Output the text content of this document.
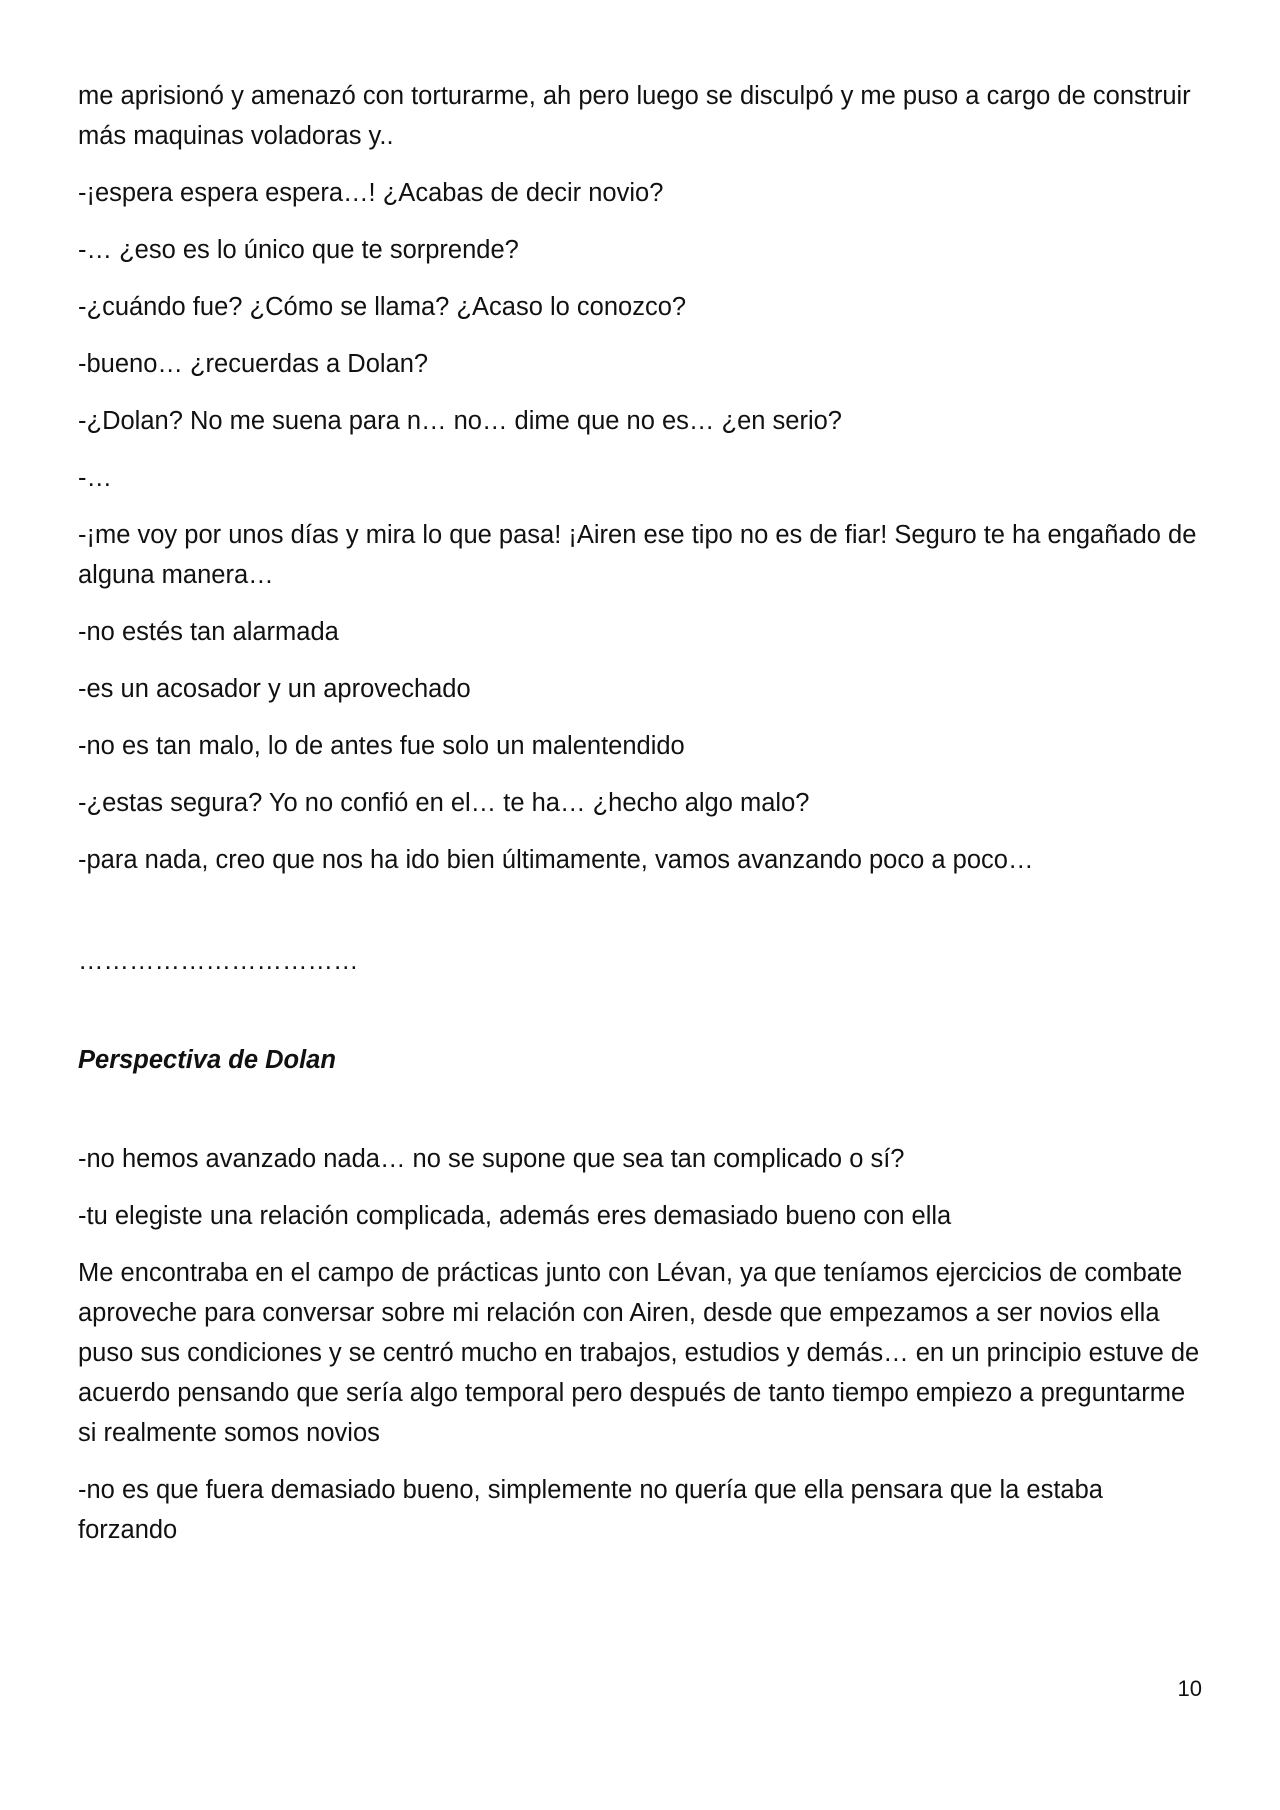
me aprisionó y amenazó con torturarme, ah pero luego se disculpó y me puso a cargo de construir más maquinas voladoras y..

-¡espera espera espera…! ¿Acabas de decir novio?

-… ¿eso es lo único que te sorprende?

-¿cuándo fue? ¿Cómo se llama? ¿Acaso lo conozco?

-bueno… ¿recuerdas a Dolan?

-¿Dolan? No me suena para n… no… dime que no es… ¿en serio?

-…

-¡me voy por unos días y mira lo que pasa! ¡Airen ese tipo no es de fiar! Seguro te ha engañado de alguna manera…

-no estés tan alarmada

-es un acosador y un aprovechado

-no es tan malo, lo de antes fue solo un malentendido

-¿estas segura? Yo no confió en el… te ha… ¿hecho algo malo?

-para nada, creo que nos ha ido bien últimamente, vamos avanzando poco a poco…

……………………………

Perspectiva de Dolan

-no hemos avanzado nada… no se supone que sea tan complicado o sí?

-tu elegiste una relación complicada, además eres demasiado bueno con ella

Me encontraba en el campo de prácticas junto con Lévan, ya que teníamos ejercicios de combate aproveche para conversar sobre mi relación con Airen, desde que empezamos a ser novios ella puso sus condiciones y se centró mucho en trabajos, estudios y demás… en un principio estuve de acuerdo pensando que sería algo temporal pero después de tanto tiempo empiezo a preguntarme si realmente somos novios

-no es que fuera demasiado bueno, simplemente no quería que ella pensara que la estaba forzando

10
